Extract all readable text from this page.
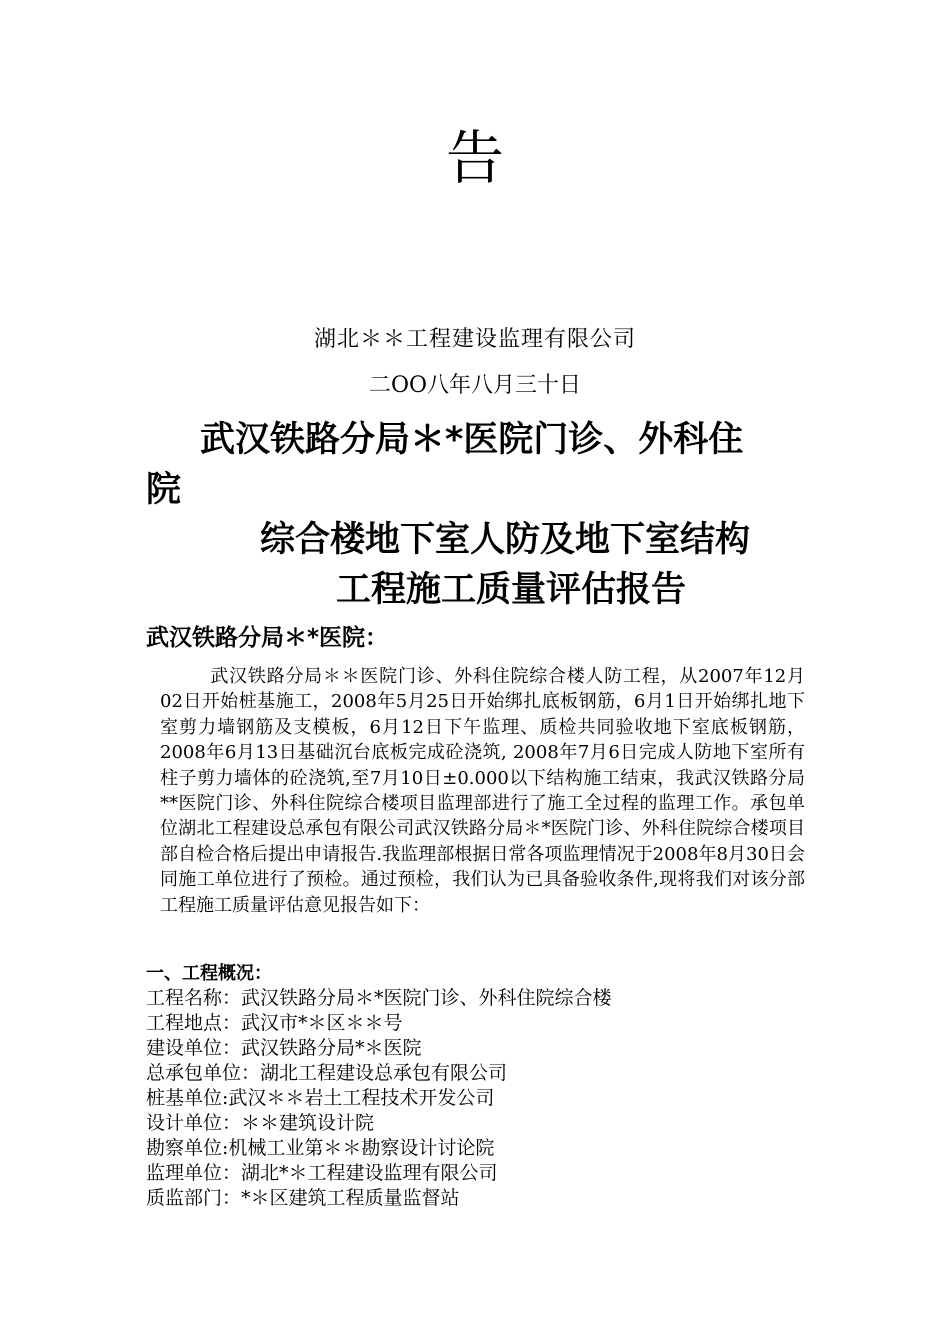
告
湖北＊＊工程建设监理有限公司
二OO八年八月三十日
武汉铁路分局＊*医院门诊、外科住
院
综合楼地下室人防及地下室结构
工程施工质量评估报告
武汉铁路分局＊*医院：
武汉铁路分局＊＊医院门诊、外科住院综合楼人防工程，从2007年12月02日开始桩基施工，2008年5月25日开始绑扎底板钢筋，6月1日开始绑扎地下室剪力墙钢筋及支模板，6月12日下午监理、质检共同验收地下室底板钢筋，2008年6月13日基础沉台底板完成砼浇筑, 2008年7月6日完成人防地下室所有柱子剪力墙体的砼浇筑,至7月10日±0.000以下结构施工结束，我武汉铁路分局**医院门诊、外科住院综合楼项目监理部进行了施工全过程的监理工作。承包单位湖北工程建设总承包有限公司武汉铁路分局＊*医院门诊、外科住院综合楼项目部自检合格后提出申请报告.我监理部根据日常各项监理情况于2008年8月30日会同施工单位进行了预检。通过预检，我们认为已具备验收条件,现将我们对该分部工程施工质量评估意见报告如下：
一、工程概况：
工程名称：武汉铁路分局＊*医院门诊、外科住院综合楼
工程地点：武汉市*＊区＊＊号
建设单位：武汉铁路分局*＊医院
总承包单位：湖北工程建设总承包有限公司
桩基单位:武汉＊＊岩土工程技术开发公司
设计单位：＊＊建筑设计院
勘察单位:机械工业第＊＊勘察设计讨论院
监理单位：湖北*＊工程建设监理有限公司
质监部门：*＊区建筑工程质量监督站
